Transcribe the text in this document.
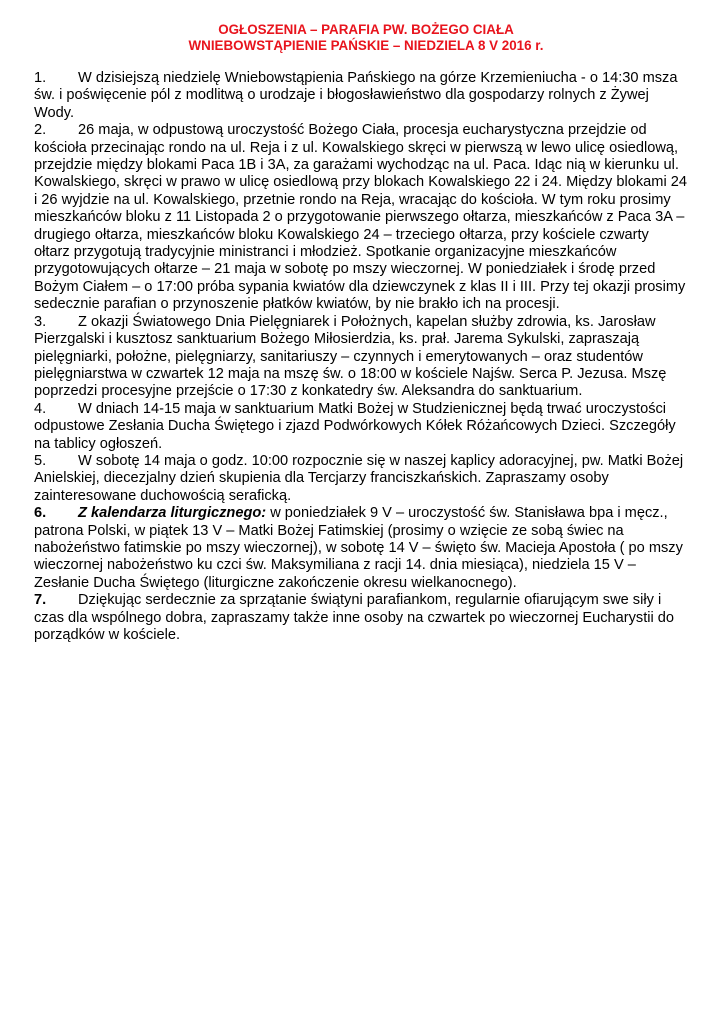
OGŁOSZENIA – PARAFIA PW. BOŻEGO CIAŁA
WNIEBOWSTĄPIENIE PAŃSKIE – NIEDZIELA 8 V 2016 r.

1. W dzisiejszą niedzielę Wniebowstąpienia Pańskiego na górze Krzemieniucha - o 14:30 msza św. i poświęcenie pól z modlitwą o urodzaje i błogosławieństwo dla gospodarzy rolnych z Żywej Wody.

2. 26 maja, w odpustową uroczystość Bożego Ciała, procesja eucharystyczna przejdzie od kościoła przecinając rondo na ul. Reja i z ul. Kowalskiego skręci w pierwszą w lewo ulicę osiedlową, przejdzie między blokami Paca 1B i 3A, za garażami wychodząc na ul. Paca. Idąc nią w kierunku ul. Kowalskiego, skręci w prawo w ulicę osiedlową przy blokach Kowalskiego 22 i 24. Między blokami 24 i 26 wyjdzie na ul. Kowalskiego, przetnie rondo na Reja, wracając do kościoła. W tym roku prosimy mieszkańców bloku z 11 Listopada 2 o przygotowanie pierwszego ołtarza, mieszkańców z Paca 3A – drugiego ołtarza, mieszkańców bloku Kowalskiego 24 – trzeciego ołtarza, przy kościele czwarty ołtarz przygotują tradycyjnie ministranci i młodzież. Spotkanie organizacyjne mieszkańców przygotowujących ołtarze – 21 maja w sobotę po mszy wieczornej. W poniedziałek i środę przed Bożym Ciałem – o 17:00 próba sypania kwiatów dla dziewczynek z klas II i III. Przy tej okazji prosimy sedecznie parafian o przynoszenie płatków kwiatów, by nie brakło ich na procesji.

3. Z okazji Światowego Dnia Pielęgniarek i Położnych, kapelan służby zdrowia, ks. Jarosław Pierzgalski i kusztosz sanktuarium Bożego Miłosierdzia, ks. prał. Jarema Sykulski, zapraszają pielęgniarki, położne, pielęgniarzy, sanitariuszy – czynnych i emerytowanych – oraz studentów pielęgniarstwa w czwartek 12 maja na mszę św. o 18:00 w kościele Najśw. Serca P. Jezusa. Mszę poprzedzi procesyjne przejście o 17:30 z konkatedry św. Aleksandra do sanktuarium.

4. W dniach 14-15 maja w sanktuarium Matki Bożej w Studzienicznej będą trwać uroczystości odpustowe Zesłania Ducha Świętego i zjazd Podwórkowych Kółek Różańcowych Dzieci. Szczegóły na tablicy ogłoszeń.

5. W sobotę 14 maja o godz. 10:00 rozpocznie się w naszej kaplicy adoracyjnej, pw. Matki Bożej Anielskiej, diecezjalny dzień skupienia dla Tercjarzy franciszkańskich. Zapraszamy osoby zainteresowane duchowością seraficką.

6. Z kalendarza liturgicznego: w poniedziałek 9 V – uroczystość św. Stanisława bpa i męcz., patrona Polski, w piątek 13 V – Matki Bożej Fatimskiej (prosimy o wzięcie ze sobą świec na nabożeństwo fatimskie po mszy wieczornej), w sobotę 14 V – święto św. Macieja Apostoła ( po mszy wieczornej nabożeństwo ku czci św. Maksymiliana z racji 14. dnia miesiąca), niedziela 15 V – Zesłanie Ducha Świętego (liturgiczne zakończenie okresu wielkanocnego).

7. Dziękując serdecznie za sprzątanie świątyni parafiankom, regularnie ofiarującym swe siły i czas dla wspólnego dobra, zapraszamy także inne osoby na czwartek po wieczornej Eucharystii do porządków w kościele.
